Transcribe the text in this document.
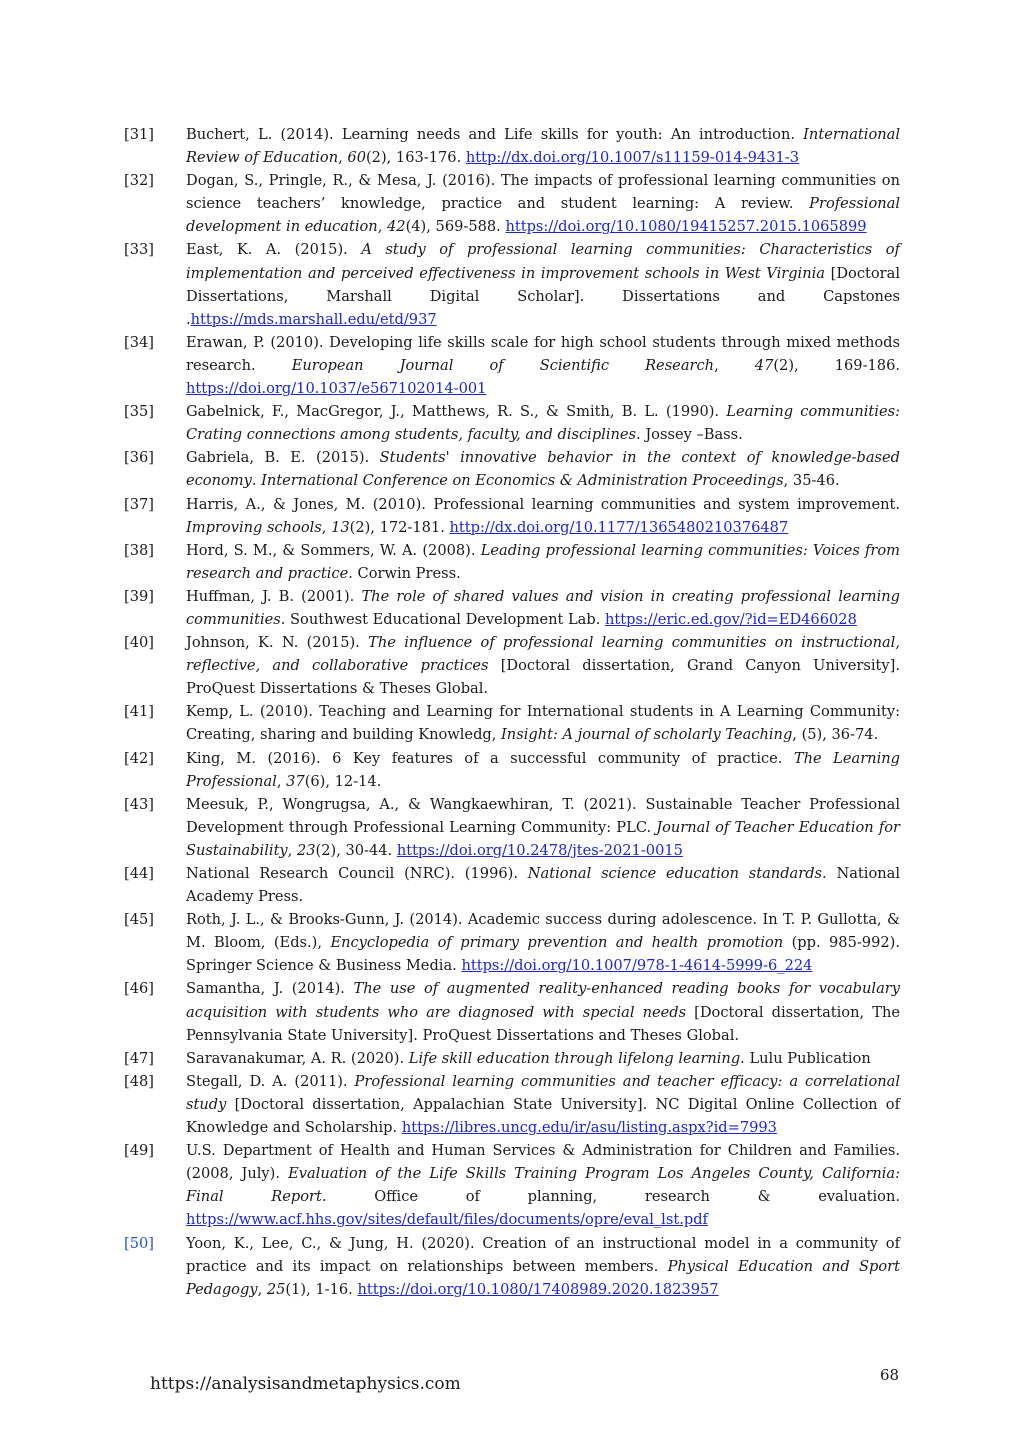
[31]	Buchert, L. (2014). Learning needs and Life skills for youth: An introduction. International Review of Education, 60(2), 163-176. http://dx.doi.org/10.1007/s11159-014-9431-3
[32]	Dogan, S., Pringle, R., & Mesa, J. (2016). The impacts of professional learning communities on science teachers’ knowledge, practice and student learning: A review. Professional development in education, 42(4), 569-588. https://doi.org/10.1080/19415257.2015.1065899
[33]	East, K. A. (2015). A study of professional learning communities: Characteristics of implementation and perceived effectiveness in improvement schools in West Virginia [Doctoral Dissertations, Marshall Digital Scholar]. Dissertations and Capstones .https://mds.marshall.edu/etd/937
[34]	Erawan, P. (2010). Developing life skills scale for high school students through mixed methods research. European Journal of Scientific Research, 47(2), 169-186. https://doi.org/10.1037/e567102014-001
[35]	Gabelnick, F., MacGregor, J., Matthews, R. S., & Smith, B. L. (1990). Learning communities: Crating connections among students, faculty, and disciplines. Jossey –Bass.
[36]	Gabriela, B. E. (2015). Students' innovative behavior in the context of knowledge-based economy. International Conference on Economics & Administration Proceedings, 35-46.
[37]	Harris, A., & Jones, M. (2010). Professional learning communities and system improvement. Improving schools, 13(2), 172-181. http://dx.doi.org/10.1177/1365480210376487
[38]	Hord, S. M., & Sommers, W. A. (2008). Leading professional learning communities: Voices from research and practice. Corwin Press.
[39]	Huffman, J. B. (2001). The role of shared values and vision in creating professional learning communities. Southwest Educational Development Lab. https://eric.ed.gov/?id=ED466028
[40]	Johnson, K. N. (2015). The influence of professional learning communities on instructional, reflective, and collaborative practices [Doctoral dissertation, Grand Canyon University]. ProQuest Dissertations & Theses Global.
[41]	Kemp, L. (2010). Teaching and Learning for International students in A Learning Community: Creating, sharing and building Knowledg, Insight: A journal of scholarly Teaching, (5), 36-74.
[42]	King, M. (2016). 6 Key features of a successful community of practice. The Learning Professional, 37(6), 12-14.
[43]	Meesuk, P., Wongrugsa, A., & Wangkaewhiran, T. (2021). Sustainable Teacher Professional Development through Professional Learning Community: PLC. Journal of Teacher Education for Sustainability, 23(2), 30-44. https://doi.org/10.2478/jtes-2021-0015
[44]	National Research Council (NRC). (1996). National science education standards. National Academy Press.
[45]	Roth, J. L., & Brooks-Gunn, J. (2014). Academic success during adolescence. In T. P. Gullotta, & M. Bloom, (Eds.), Encyclopedia of primary prevention and health promotion (pp. 985-992). Springer Science & Business Media. https://doi.org/10.1007/978-1-4614-5999-6_224
[46]	Samantha, J. (2014). The use of augmented reality-enhanced reading books for vocabulary acquisition with students who are diagnosed with special needs [Doctoral dissertation, The Pennsylvania State University]. ProQuest Dissertations and Theses Global.
[47]	Saravanakumar, A. R. (2020). Life skill education through lifelong learning. Lulu Publication
[48]	Stegall, D. A. (2011). Professional learning communities and teacher efficacy: a correlational study [Doctoral dissertation, Appalachian State University]. NC Digital Online Collection of Knowledge and Scholarship. https://libres.uncg.edu/ir/asu/listing.aspx?id=7993
[49]	U.S. Department of Health and Human Services & Administration for Children and Families. (2008, July). Evaluation of the Life Skills Training Program Los Angeles County, California: Final Report. Office of planning, research & evaluation. https://www.acf.hhs.gov/sites/default/files/documents/opre/eval_lst.pdf
[50]	Yoon, K., Lee, C., & Jung, H. (2020). Creation of an instructional model in a community of practice and its impact on relationships between members. Physical Education and Sport Pedagogy, 25(1), 1-16. https://doi.org/10.1080/17408989.2020.1823957
https://analysisandmetaphysics.com	68
